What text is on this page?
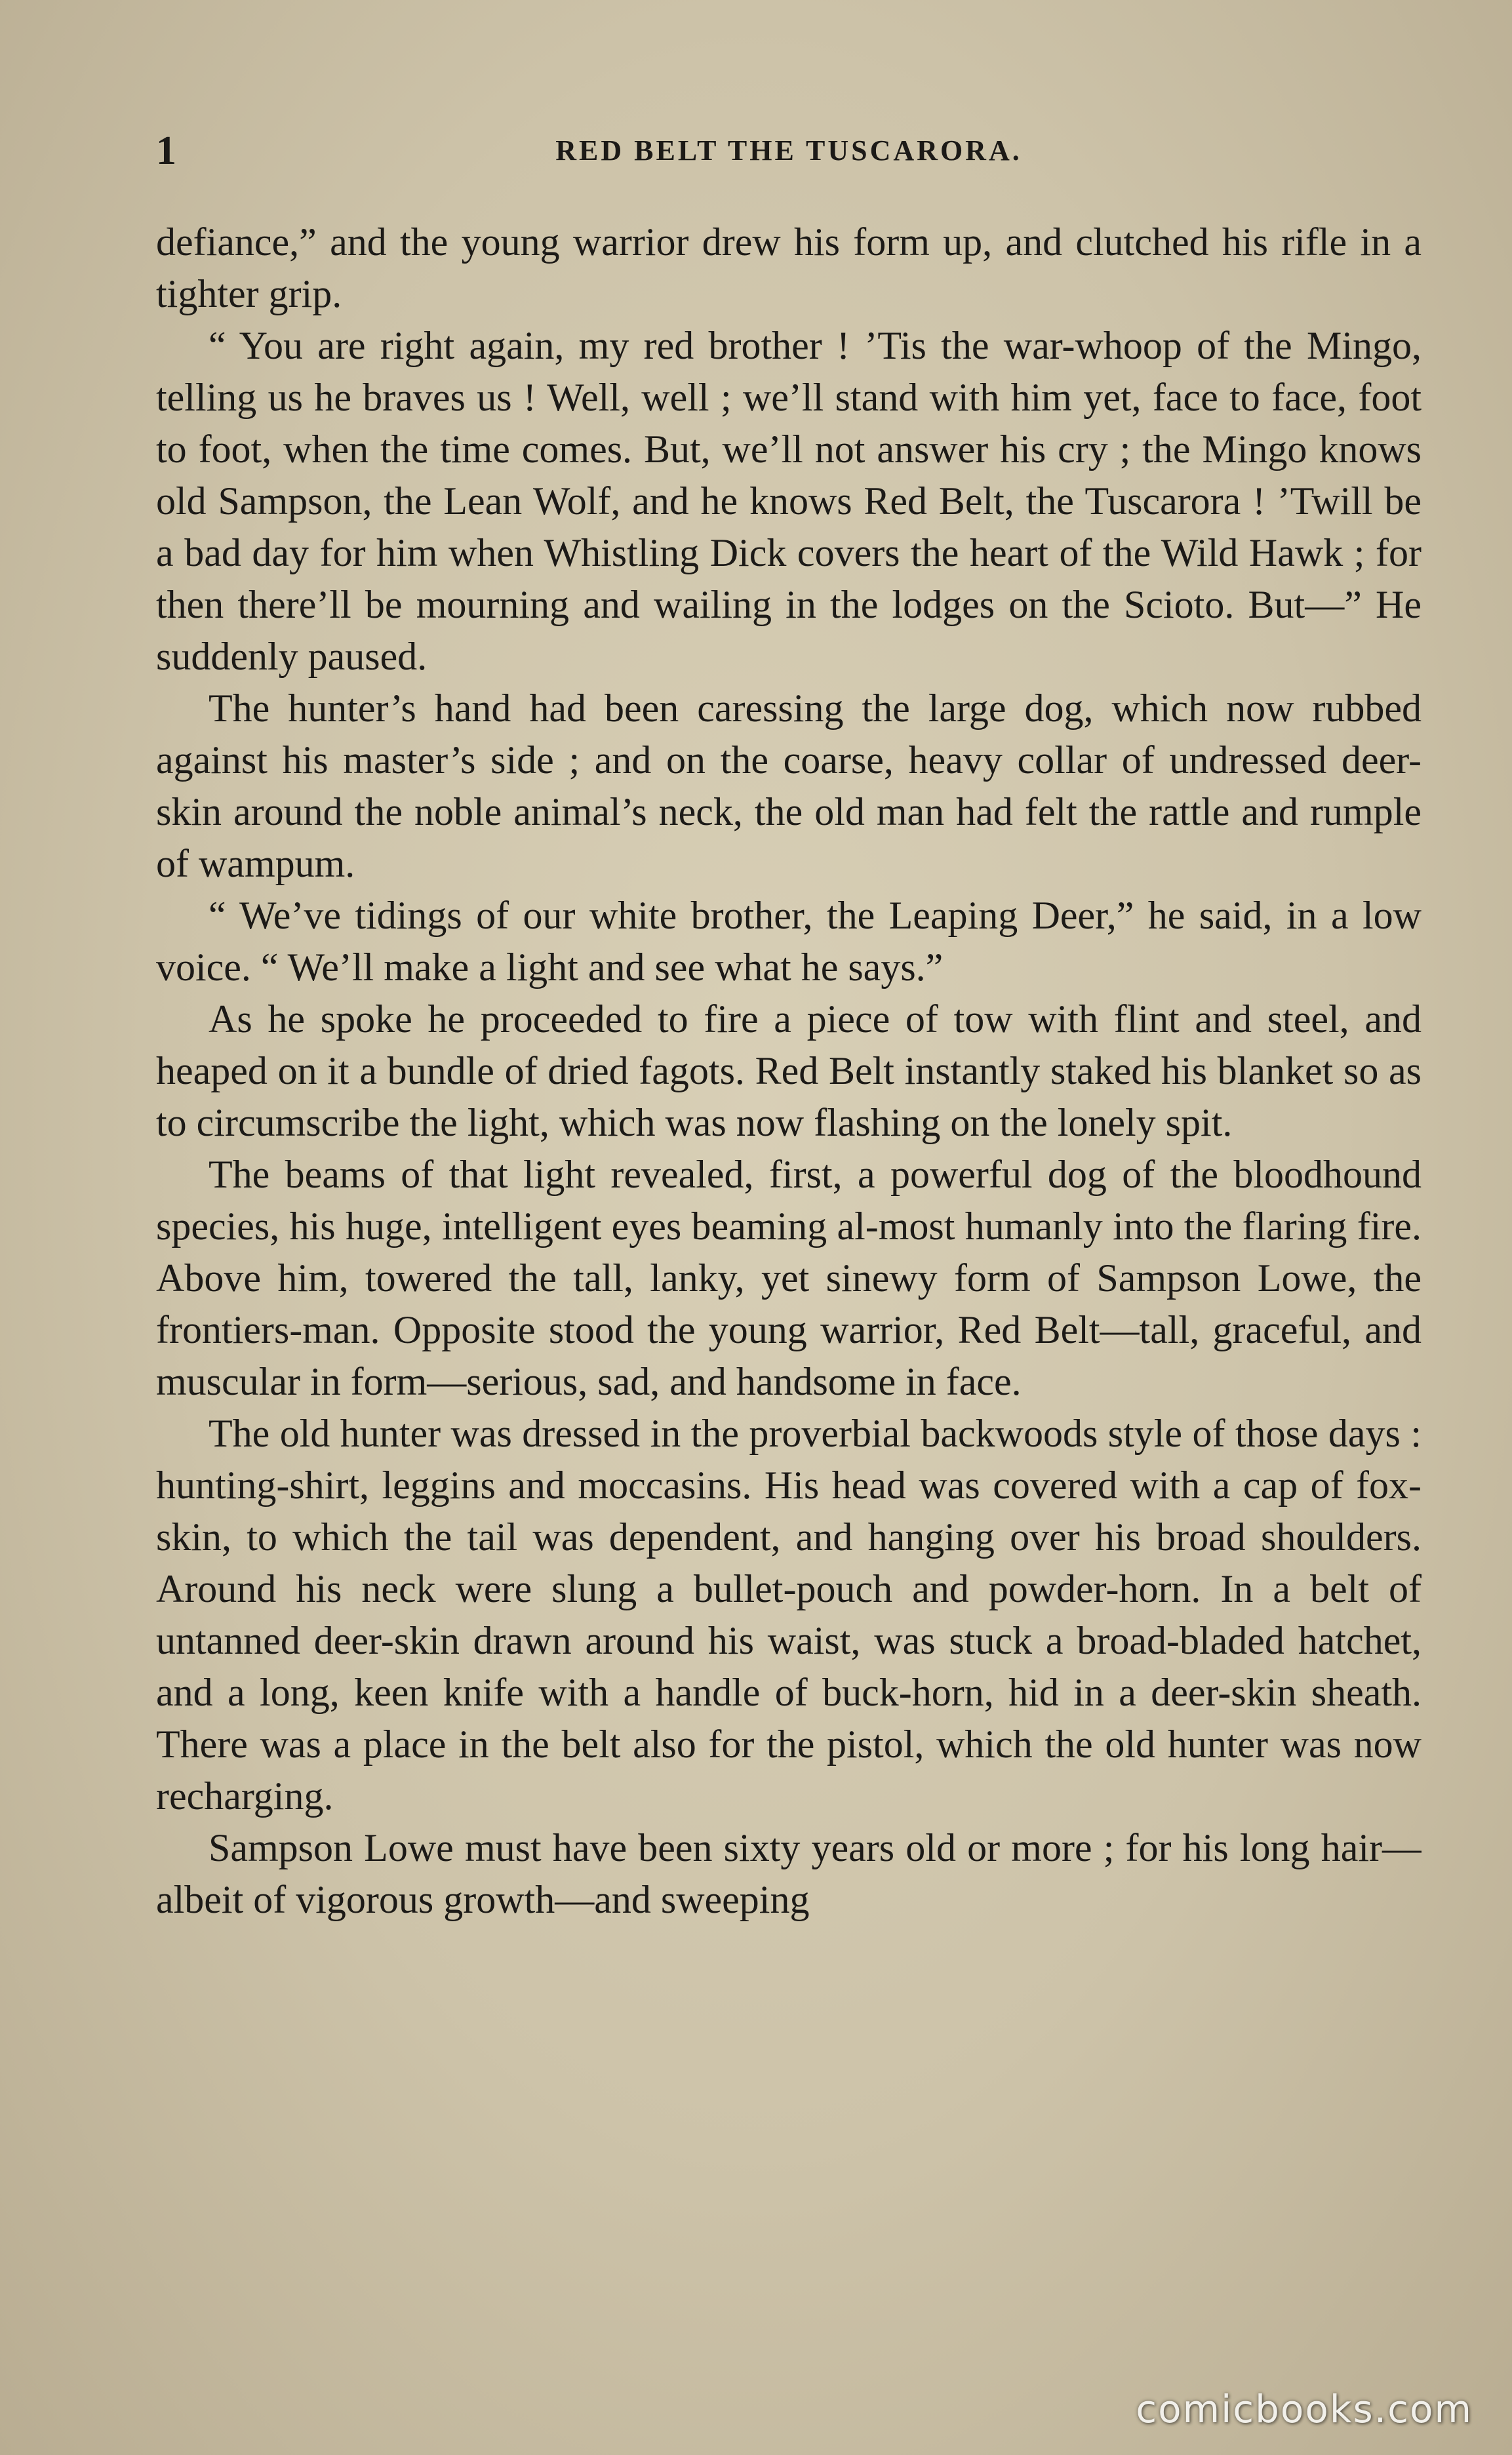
1	RED BELT THE TUSCARORA.

defiance,” and the young warrior drew his form up, and clutched his rifle in a tighter grip.

“ You are right again, my red brother ! ’Tis the war-whoop of the Mingo, telling us he braves us ! Well, well ; we’ll stand with him yet, face to face, foot to foot, when the time comes. But, we’ll not answer his cry ; the Mingo knows old Sampson, the Lean Wolf, and he knows Red Belt, the Tuscarora ! ’Twill be a bad day for him when Whistling Dick covers the heart of the Wild Hawk ; for then there’ll be mourning and wailing in the lodges on the Scioto. But—” He suddenly paused.

The hunter’s hand had been caressing the large dog, which now rubbed against his master’s side ; and on the coarse, heavy collar of undressed deer-skin around the noble animal’s neck, the old man had felt the rattle and rumple of wampum.

“ We’ve tidings of our white brother, the Leaping Deer,” he said, in a low voice. “ We’ll make a light and see what he says.”

As he spoke he proceeded to fire a piece of tow with flint and steel, and heaped on it a bundle of dried fagots. Red Belt instantly staked his blanket so as to circumscribe the light, which was now flashing on the lonely spit.

The beams of that light revealed, first, a powerful dog of the bloodhound species, his huge, intelligent eyes beaming al-most humanly into the flaring fire. Above him, towered the tall, lanky, yet sinewy form of Sampson Lowe, the frontiers-man. Opposite stood the young warrior, Red Belt—tall, graceful, and muscular in form—serious, sad, and handsome in face.

The old hunter was dressed in the proverbial backwoods style of those days : hunting-shirt, leggins and moccasins. His head was covered with a cap of fox-skin, to which the tail was dependent, and hanging over his broad shoulders. Around his neck were slung a bullet-pouch and powder-horn. In a belt of untanned deer-skin drawn around his waist, was stuck a broad-bladed hatchet, and a long, keen knife with a handle of buck-horn, hid in a deer-skin sheath. There was a place in the belt also for the pistol, which the old hunter was now recharging.

Sampson Lowe must have been sixty years old or more ; for his long hair—albeit of vigorous growth—and sweeping

comicbooks.com
